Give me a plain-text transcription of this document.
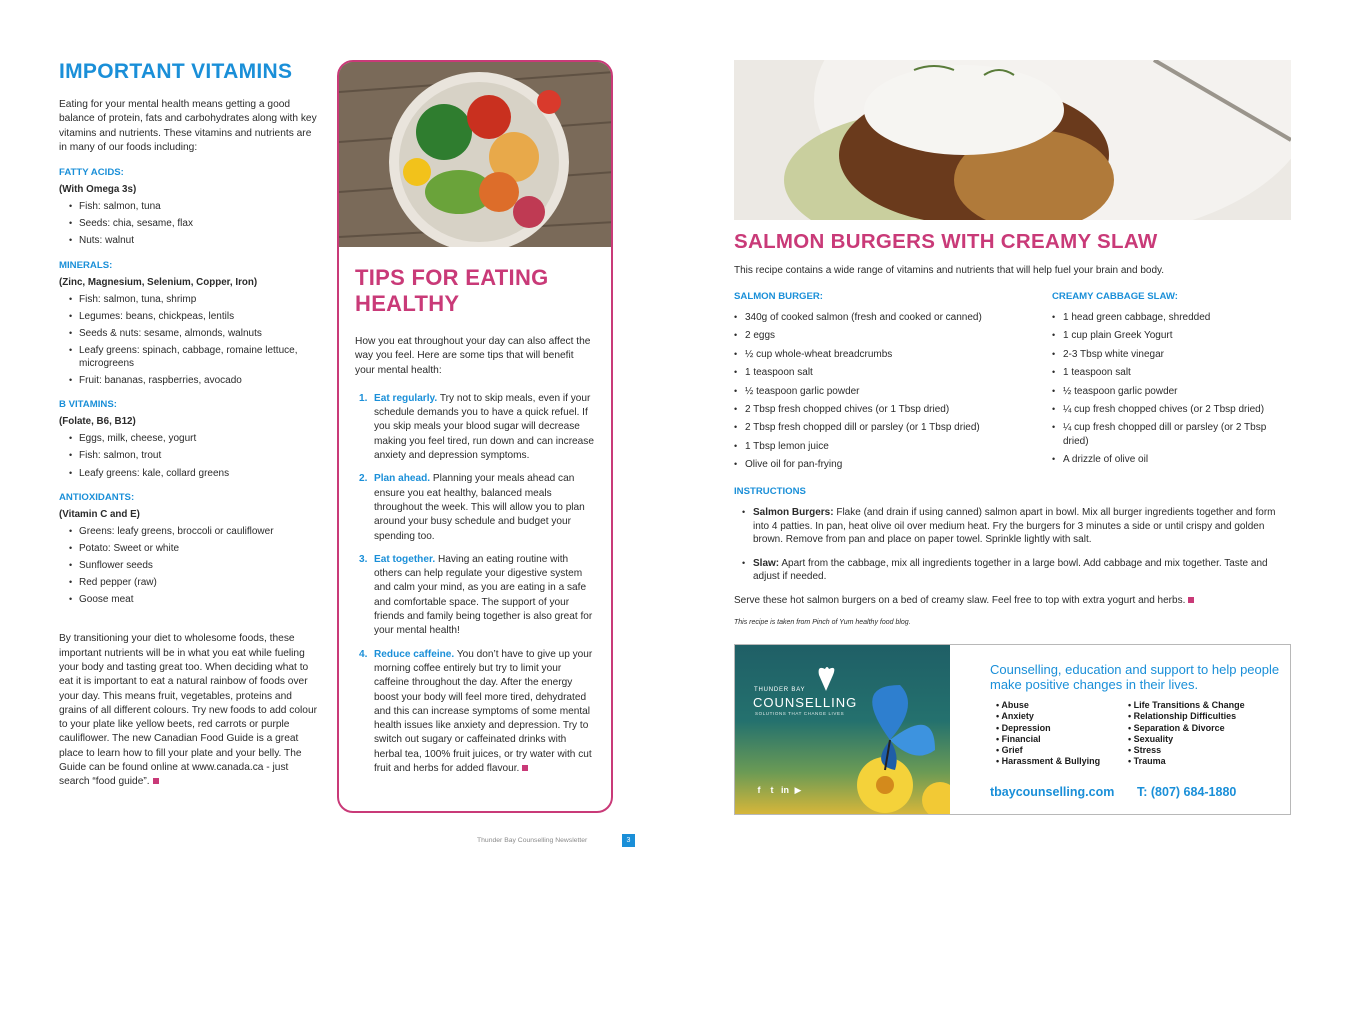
IMPORTANT VITAMINS

Eating for your mental health means getting a good balance of protein, fats and carbohydrates along with key vitamins and nutrients. These vitamins and nutrients are in many of our foods including:

FATTY ACIDS:
(With Omega 3s)
• Fish: salmon, tuna
• Seeds: chia, sesame, flax
• Nuts: walnut
MINERALS:
(Zinc, Magnesium, Selenium, Copper, Iron)
• Fish: salmon, tuna, shrimp
• Legumes: beans, chickpeas, lentils
• Seeds & nuts: sesame, almonds, walnuts
• Leafy greens: spinach, cabbage, romaine lettuce, microgreens
• Fruit: bananas, raspberries, avocado
B VITAMINS:
(Folate, B6, B12)
• Eggs, milk, cheese, yogurt
• Fish: salmon, trout
• Leafy greens: kale, collard greens
ANTIOXIDANTS:
(Vitamin C and E)
• Greens: leafy greens, broccoli or cauliflower
• Potato: Sweet or white
• Sunflower seeds
• Red pepper (raw)
• Goose meat

By transitioning your diet to wholesome foods, these important nutrients will be in what you eat while fueling your body and tasting great too. When deciding what to eat it is important to eat a natural rainbow of foods over your day. This means fruit, vegetables, proteins and grains of all different colours. Try new foods to add colour to your plate like yellow beets, red carrots or purple cauliflower. The new Canadian Food Guide is a great place to learn how to fill your plate and your belly. The Guide can be found online at www.canada.ca - just search “food guide”.

TIPS FOR EATING HEALTHY

How you eat throughout your day can also affect the way you feel. Here are some tips that will benefit your mental health:

1. Eat regularly. Try not to skip meals, even if your schedule demands you to have a quick refuel. If you skip meals your blood sugar will decrease making you feel tired, run down and can increase anxiety and depression symptoms.
2. Plan ahead. Planning your meals ahead can ensure you eat healthy, balanced meals throughout the week. This will allow you to plan around your busy schedule and budget your spending too.
3. Eat together. Having an eating routine with others can help regulate your digestive system and calm your mind, as you are eating in a safe and comfortable space. The support of your friends and family being together is also great for your mental health!
4. Reduce caffeine. You don’t have to give up your morning coffee entirely but try to limit your caffeine throughout the day. After the energy boost your body will feel more tired, dehydrated and this can increase symptoms of some mental health issues like anxiety and depression. Try to switch out sugary or caffeinated drinks with herbal tea, 100% fruit juices, or try water with cut fruit and herbs for added flavour.
Thunder Bay Counselling Newsletter	3
SALMON BURGERS WITH CREAMY SLAW

This recipe contains a wide range of vitamins and nutrients that will help fuel your brain and body.

SALMON BURGER:
• 340g of cooked salmon (fresh and cooked or canned)
• 2 eggs
• ½ cup whole-wheat breadcrumbs
• 1 teaspoon salt
• ½ teaspoon garlic powder
• 2 Tbsp fresh chopped chives (or 1 Tbsp dried)
• 2 Tbsp fresh chopped dill or parsley (or 1 Tbsp dried)
• 1 Tbsp lemon juice
• Olive oil for pan-frying
CREAMY CABBAGE SLAW:
• 1 head green cabbage, shredded
• 1 cup plain Greek Yogurt
• 2-3 Tbsp white vinegar
• 1 teaspoon salt
• ½ teaspoon garlic powder
• ¼ cup fresh chopped chives (or 2 Tbsp dried)
• ¼ cup fresh chopped dill or parsley (or 2 Tbsp dried)
• A drizzle of olive oil
INSTRUCTIONS
• Salmon Burgers: Flake (and drain if using canned) salmon apart in bowl. Mix all burger ingredients together and form into 4 patties. In pan, heat olive oil over medium heat. Fry the burgers for 3 minutes a side or until crispy and golden brown. Remove from pan and place on paper towel. Sprinkle lightly with salt.
• Slaw: Apart from the cabbage, mix all ingredients together in a large bowl. Add cabbage and mix together. Taste and adjust if needed.

Serve these hot salmon burgers on a bed of creamy slaw. Feel free to top with extra yogurt and herbs.

This recipe is taken from Pinch of Yum healthy food blog.

THUNDER BAY
COUNSELLING
SOLUTIONS THAT CHANGE LIVES
f	t in ▶
Counselling, education and support to help people make positive changes in their lives.
• Abuse
• Anxiety
• Depression
• Financial
• Grief
• Harassment & Bullying
• Life Transitions & Change
• Relationship Difficulties
• Separation & Divorce
• Sexuality
• Stress
• Trauma
tbaycounselling.com T: (807) 684-1880
